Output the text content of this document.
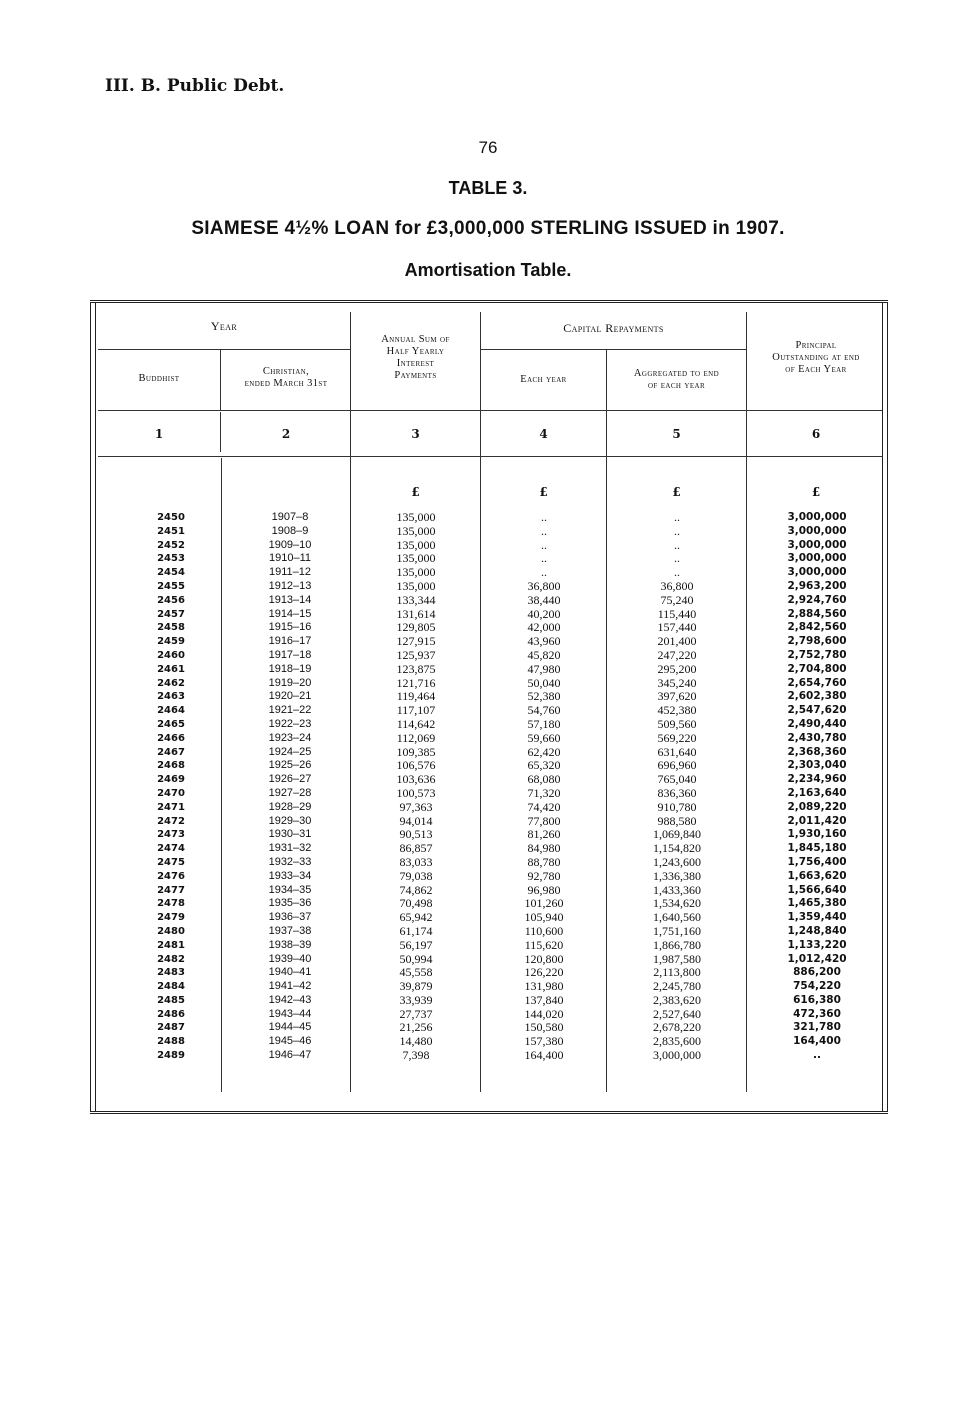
III. B. Public Debt.
76
TABLE 3.
SIAMESE 4½% LOAN for £3,000,000 STERLING ISSUED in 1907.
Amortisation Table.
Year
Buddhist
Christian,
ended March 31st
Annual Sum of
Half Yearly
Interest
Payments
Capital Repayments
Each year
Aggregated to end
of each year
Principal
Outstanding at end
of Each Year
1	2	3	4	5	6
£	£	£	£
2450	1907–8	135,000	..	..	3,000,000
2451	1908–9	135,000	..	..	3,000,000
2452	1909–10	135,000	..	..	3,000,000
2453	1910–11	135,000	..	..	3,000,000
2454	1911–12	135,000	..	..	3,000,000
2455	1912–13	135,000	36,800	36,800	2,963,200
2456	1913–14	133,344	38,440	75,240	2,924,760
2457	1914–15	131,614	40,200	115,440	2,884,560
2458	1915–16	129,805	42,000	157,440	2,842,560
2459	1916–17	127,915	43,960	201,400	2,798,600
2460	1917–18	125,937	45,820	247,220	2,752,780
2461	1918–19	123,875	47,980	295,200	2,704,800
2462	1919–20	121,716	50,040	345,240	2,654,760
2463	1920–21	119,464	52,380	397,620	2,602,380
2464	1921–22	117,107	54,760	452,380	2,547,620
2465	1922–23	114,642	57,180	509,560	2,490,440
2466	1923–24	112,069	59,660	569,220	2,430,780
2467	1924–25	109,385	62,420	631,640	2,368,360
2468	1925–26	106,576	65,320	696,960	2,303,040
2469	1926–27	103,636	68,080	765,040	2,234,960
2470	1927–28	100,573	71,320	836,360	2,163,640
2471	1928–29	97,363	74,420	910,780	2,089,220
2472	1929–30	94,014	77,800	988,580	2,011,420
2473	1930–31	90,513	81,260	1,069,840	1,930,160
2474	1931–32	86,857	84,980	1,154,820	1,845,180
2475	1932–33	83,033	88,780	1,243,600	1,756,400
2476	1933–34	79,038	92,780	1,336,380	1,663,620
2477	1934–35	74,862	96,980	1,433,360	1,566,640
2478	1935–36	70,498	101,260	1,534,620	1,465,380
2479	1936–37	65,942	105,940	1,640,560	1,359,440
2480	1937–38	61,174	110,600	1,751,160	1,248,840
2481	1938–39	56,197	115,620	1,866,780	1,133,220
2482	1939–40	50,994	120,800	1,987,580	1,012,420
2483	1940–41	45,558	126,220	2,113,800	886,200
2484	1941–42	39,879	131,980	2,245,780	754,220
2485	1942–43	33,939	137,840	2,383,620	616,380
2486	1943–44	27,737	144,020	2,527,640	472,360
2487	1944–45	21,256	150,580	2,678,220	321,780
2488	1945–46	14,480	157,380	2,835,600	164,400
2489	1946–47	7,398	164,400	3,000,000	..
